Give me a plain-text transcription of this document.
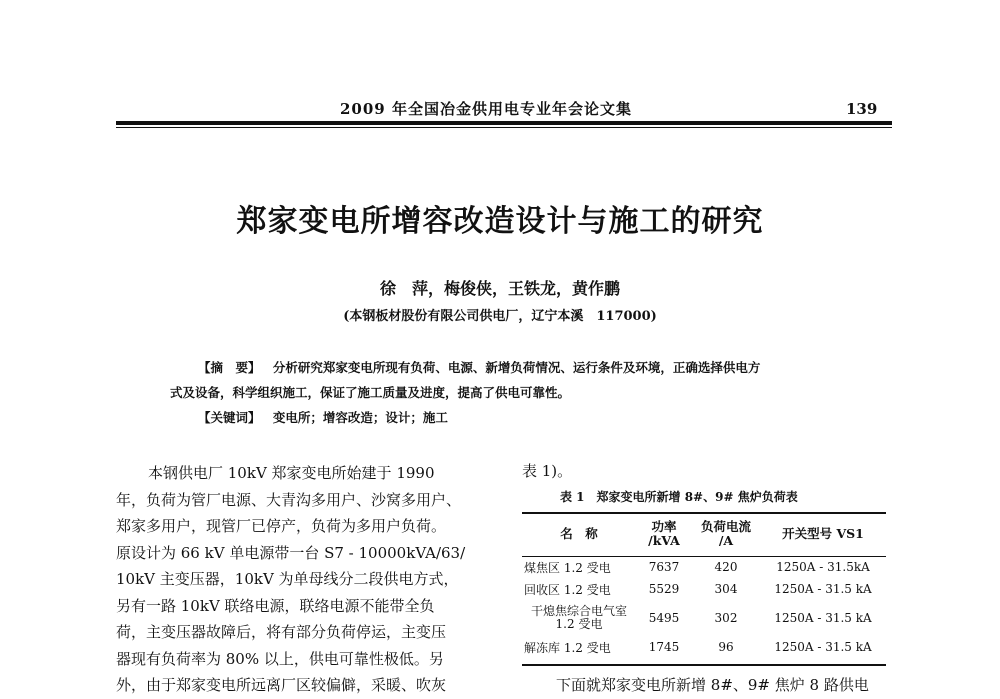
2009 年全国冶金供用电专业年会论文集	139
郑家变电所增容改造设计与施工的研究
徐　萍，梅俊侠，王铁龙，黄作鹏
(本钢板材股份有限公司供电厂，辽宁本溪　117000)
【摘　要】 分析研究郑家变电所现有负荷、电源、新增负荷情况、运行条件及环境，正确选择供电方
式及设备，科学组织施工，保证了施工质量及进度，提高了供电可靠性。
【关键词】 变电所；增容改造；设计；施工

本钢供电厂 10kV 郑家变电所始建于 1990

年，负荷为管厂电源、大青沟多用户、沙窝多用户、

郑家多用户，现管厂已停产，负荷为多用户负荷。

原设计为 66 kV 单电源带一台 S7 - 10000kVA/63/

10kV 主变压器，10kV 为单母线分二段供电方式，

另有一路 10kV 联络电源，联络电源不能带全负

荷，主变压器故障后，将有部分负荷停运，主变压

器现有负荷率为 80% 以上，供电可靠性极低。另

外，由于郑家变电所远离厂区较偏僻，采暖、吹灰

表 1)。
表 1　郑家变电所新增 8#、9# 焦炉负荷表
名　称	功率 /kVA	负荷电流 /A	开关型号 VS1
煤焦区 1.2 受电	7637	420	1250A - 31.5kA
回收区 1.2 受电	5529	304	1250A - 31.5 kA
干熄焦综合电气室 1.2 受电	5495	302	1250A - 31.5 kA
解冻库 1.2 受电	1745	96	1250A - 31.5 kA
下面就郑家变电所新增 8#、9# 焦炉 8 路供电
